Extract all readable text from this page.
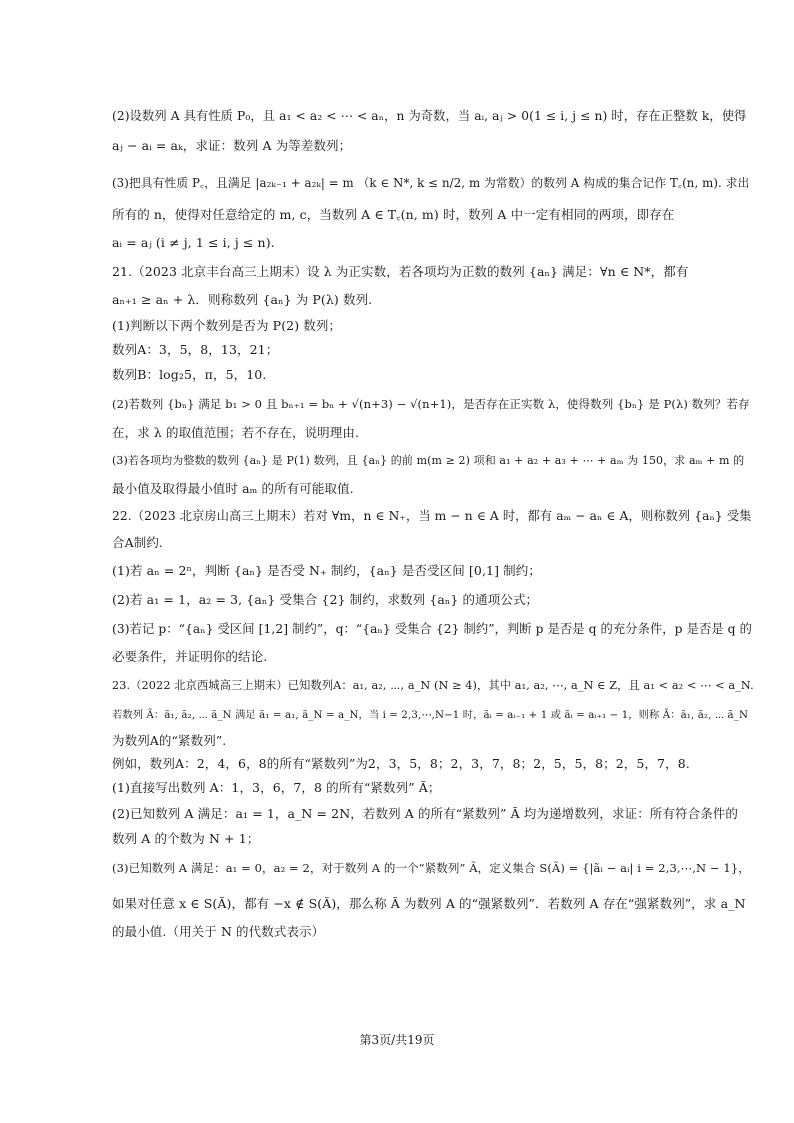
(2)设数列 A 具有性质 P₀，且 a₁ < a₂ < ⋯ < aₙ，n 为奇数，当 aᵢ, aⱼ > 0(1 ≤ i, j ≤ n) 时，存在正整数 k，使得
aⱼ − aᵢ = aₖ，求证：数列 A 为等差数列；
(3)把具有性质 P꜀，且满足 |a₂ₖ₋₁ + a₂ₖ| = m （k ∈ N*, k ≤ n/2, m 为常数）的数列 A 构成的集合记作 T꜀(n, m). 求出
所有的 n，使得对任意给定的 m, c，当数列 A ∈ T꜀(n, m) 时，数列 A 中一定有相同的两项，即存在
aᵢ = aⱼ (i ≠ j, 1 ≤ i, j ≤ n).
21.（2023 北京丰台高三上期末）设 λ 为正实数，若各项均为正数的数列 {aₙ} 满足：∀n ∈ N*，都有
aₙ₊₁ ≥ aₙ + λ．则称数列 {aₙ} 为 P(λ) 数列.
(1)判断以下两个数列是否为 P(2) 数列；
数列A：3，5，8，13，21；
数列B：log₂5，π，5，10.
(2)若数列 {bₙ} 满足 b₁ > 0 且 bₙ₊₁ = bₙ + √(n+3) − √(n+1)，是否存在正实数 λ，使得数列 {bₙ} 是 P(λ) 数列？若存
在，求 λ 的取值范围；若不存在，说明理由.
(3)若各项均为整数的数列 {aₙ} 是 P(1) 数列，且 {aₙ} 的前 m(m ≥ 2) 项和 a₁ + a₂ + a₃ + ⋯ + aₘ 为 150，求 aₘ + m 的
最小值及取得最小值时 aₘ 的所有可能取值.
22.（2023 北京房山高三上期末）若对 ∀m，n ∈ N₊，当 m − n ∈ A 时，都有 aₘ − aₙ ∈ A，则称数列 {aₙ} 受集
合A制约.
(1)若 aₙ = 2ⁿ，判断 {aₙ} 是否受 N₊ 制约，{aₙ} 是否受区间 [0,1] 制约；
(2)若 a₁ = 1，a₂ = 3, {aₙ} 受集合 {2} 制约，求数列 {aₙ} 的通项公式；
(3)若记 p：“{aₙ} 受区间 [1,2] 制约”，q：“{aₙ} 受集合 {2} 制约”，判断 p 是否是 q 的充分条件，p 是否是 q 的
必要条件，并证明你的结论.
23.（2022 北京西城高三上期末）已知数列A：a₁, a₂, ⋯, a_N (N ≥ 4)，其中 a₁, a₂, ⋯, a_N ∈ Z，且 a₁ < a₂ < ⋯ < a_N.
若数列 Ã：ã₁, ã₂, ⋯ ã_N 满足 ã₁ = a₁, ã_N = a_N，当 i = 2,3,⋯,N−1 时，ãᵢ = aᵢ₋₁ + 1 或 ãᵢ = aᵢ₊₁ − 1，则称 Ã：ã₁, ã₂, ⋯ ã_N
为数列A的“紧数列”.
例如，数列A：2，4，6，8的所有“紧数列”为2，3，5，8；2，3，7，8；2，5，5，8；2，5，7，8.
(1)直接写出数列 A：1，3，6，7，8 的所有“紧数列” Ã；
(2)已知数列 A 满足：a₁ = 1，a_N = 2N，若数列 A 的所有“紧数列” Ã 均为递增数列，求证：所有符合条件的
数列 A 的个数为 N + 1；
(3)已知数列 A 满足：a₁ = 0，a₂ = 2，对于数列 A 的一个“紧数列” Ã，定义集合 S(Ã) = {|ãᵢ − aᵢ| i = 2,3,⋯,N − 1}，
如果对任意 x ∈ S(Ã)，都有 −x ∉ S(Ã)，那么称 Ã 为数列 A 的“强紧数列”．若数列 A 存在“强紧数列”，求 a_N
的最小值.（用关于 N 的代数式表示）
第3页/共19页
